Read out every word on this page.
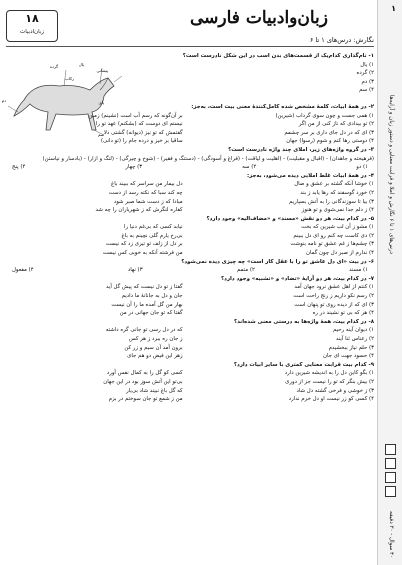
۱
درس‌های ۱ تا ۶ نگارش و املا و قرابت معنایی و دستور زبان و آرایه‌ها
۴۰ سوال - ۳۰ دقیقه
زبان‌و‌ادبیات فارسی
نگارش: درس‌های ۱ تا ۶
۱۸
زبان‌ادبیات
گرده	یال
رکاب
پیشانی
پای
دم
سم
۱- نام‌گذاری کدام‌یک از قسمت‌های بدن اسب در این شکل نادرست است؟
۱) یال
۲) گرده
۳) دم
۴) سم
۲- در همهٔ ابیات، کلمهٔ مشخص شده کامل‌کنندهٔ معنی بیت است، به‌جز:
۱) همی جست و چون سوی گرداب (شیرین)
۲) تو بیدادی که ناز کنی از من اگر
۳) ای که در دل جای داری بر سر چشمم
۴) دوستی رها کنم و شوم (رسوا) جهان
بر آن‌گونه که رسم آب است (نشینم) زمین
نیستم ای دوست که (بشکنم) عهد تو را
گفتمش که تو نیز (دیوانه) گشتی دلا
ساقیا بر خیز و درده جام را (تو دانی)
۳- در گروه واژه‌های زیر، املای چند واژه نادرست است؟
(فرهیخته و جاهدان) - (اقبال و مقبلیت) - (اهلیت و لیاقت) - (فراغ و آسودگی) - (دستنگ و فقیر) - (شوخ و چیرگی) - (لنگ و ازار) - (بادسار و نیاستن)
۱) دو
۲) سه
۳) چهار
۴) پنج
۴- در همهٔ ابیات غلط املایی دیده می‌شود، به‌جز:
۱) خوشا آنکه گشته بر عشق و صال
۲) خورد گوسفند که رها یابد ز بند
۳) بیا تا سوزندگانی را به آتش بسپاریم
۴) ز دلم جدا نمی‌شوی و تو هنوز
دل بیمار من سراسر که ببیند باغ
چه کند سبا که نکته رسد از دست
مبادا که ز دست شما صبر شود
کفاره لنگرش که ز شهریاران را چه شد
۵- در کدام بیت، هر دو نقش «مسند» و «مضاف‌الیه» وجود دارد؟
۱) مشو ز آن لب شیرین که بخت
۲) دی کاست چه کنم رو ای دل ببینم
۳) چشم‌ها ز غم عشق تو نامه بنوشت
۴) ندارم از صبر دل چون گمان
نیابد کسی که بی‌غم دنیا را
بی‌رخ یارم گلی نچینم به باغ
بر دل از زلف تو تیری زد که نیست
من فرشته آنکه به خوبی کس نیست
۶- در بیت «ای دل عاشق تو را با عقل کار است» چه چیزی دیده نمی‌شود؟
۱) مسند
۲) متمم
۳) نهاد
۴) مفعول
۷- در کدام بیت، هر دو آرایهٔ «تضاد» و «تشبیه» وجود دارد؟
۱) کنتم از اهل عشق نرود جهان آمد
۲) رسم نکو داریم ز رنج راحت است
۳) ای که از دیده روی تو پنهان است
۴) هر که بی تو نشیند در ره
گفتا ز تو دل نیست که پیش گل آید
جان و دل به جانانهٔ ما دادیم
بهار من گل آمده ما را آن نیست
گفتا که تو جان جهانی در من
۸- در کدام بیت، همهٔ واژه‌ها به درستی معنی شده‌اند؟
۱) دیوان آینه رحیم
۲) رعناس ثنا آیند
۳) حلم نیاز ببخشیدم
۴) حسود جهت ای جان
که در دل رسی تو جانی گره داشته
ز جان ره ببرد ز هر کس
برون آمد آن سیم و زر کن
زهر این فیض دو هم جای
۹- کدام بیت قرابت معنایی کمتری با سایر ابیات دارد؟
۱) بگو کاین دل را به اندیشه شیرین دارد
۲) بیش بنگر که تو را نیست جز از دوری
۳) ز خوشی و فرخی گشته دل شاد
۴) کسی کو زر نیست او دل خرم ندارد
کسی کو گل را به کمال نفس آورد
بی‌تو این آتش سوز بود در این جهان
که گل باغ نبیند شاد بی‌یار
من ز شمع تو جان سوختم در بزم
